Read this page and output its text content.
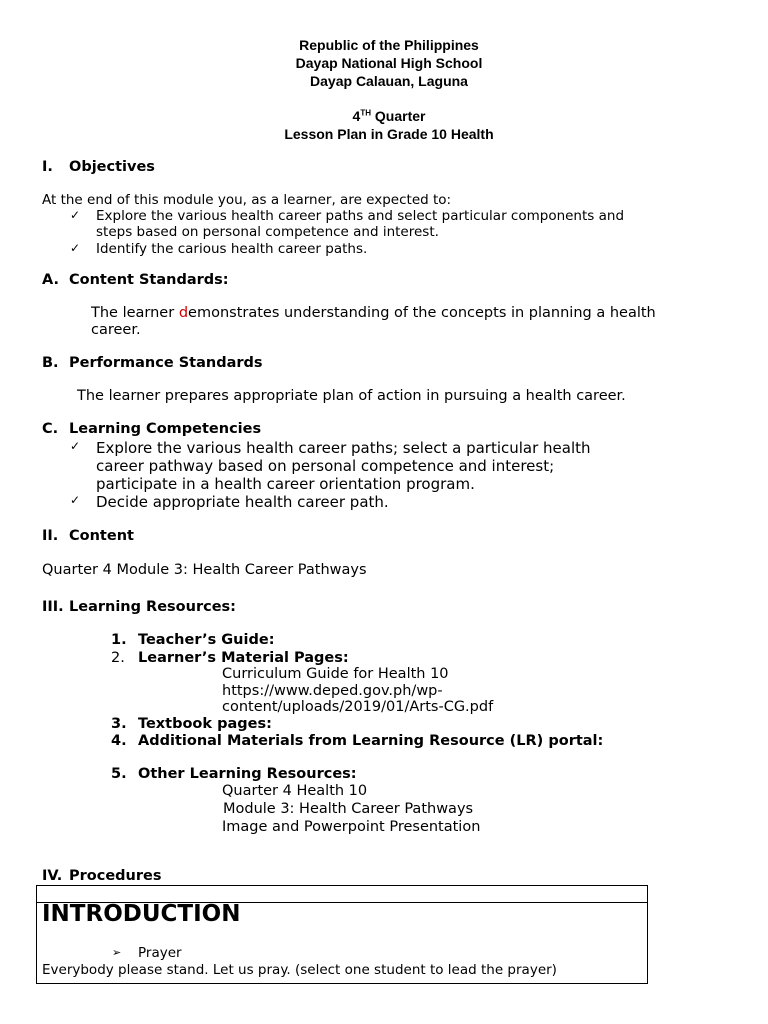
Republic of the Philippines
Dayap National High School
Dayap Calauan, Laguna
4TH Quarter
Lesson Plan in Grade 10 Health
I. Objectives
At the end of this module you, as a learner, are expected to:
✓ Explore the various health career paths and select particular components and
steps based on personal competence and interest.
✓ Identify the carious health career paths.
A. Content Standards:
The learner demonstrates understanding of the concepts in planning a health
career.
B. Performance Standards
The learner prepares appropriate plan of action in pursuing a health career.
C. Learning Competencies
✓ Explore the various health career paths; select a particular health
career pathway based on personal competence and interest;
participate in a health career orientation program.
✓ Decide appropriate health career path.
II. Content
Quarter 4 Module 3: Health Career Pathways
III. Learning Resources:
1. Teacher’s Guide:
2. Learner’s Material Pages:
Curriculum Guide for Health 10
https://www.deped.gov.ph/wp-
content/uploads/2019/01/Arts-CG.pdf
3. Textbook pages:
4. Additional Materials from Learning Resource (LR) portal:
5. Other Learning Resources:
Quarter 4 Health 10
Module 3: Health Career Pathways
Image and Powerpoint Presentation
IV. Procedures
INTRODUCTION
➢ Prayer
Everybody please stand. Let us pray. (select one student to lead the prayer)
